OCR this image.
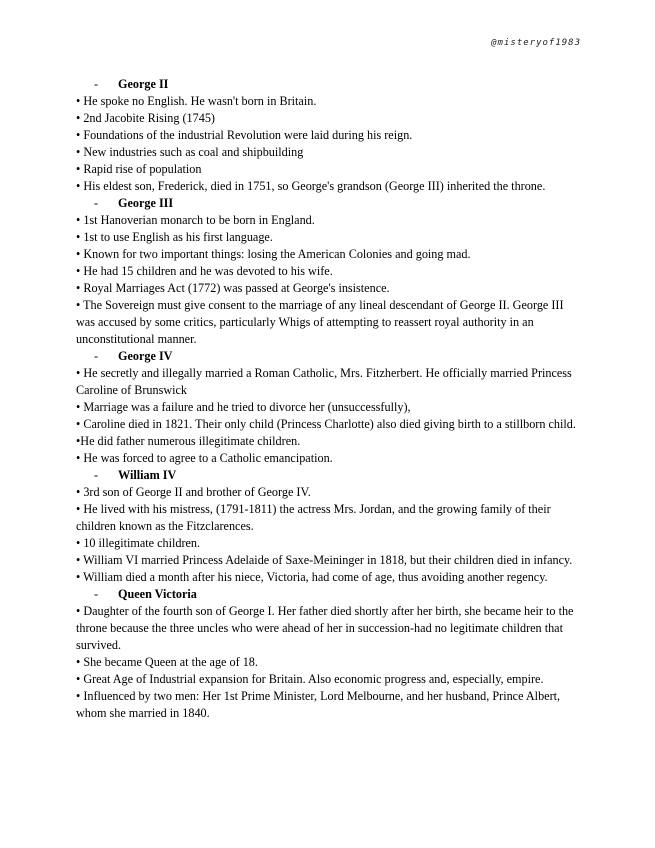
@misteryof1983
- George II

• He spoke no English. He wasn't born in Britain.

• 2nd Jacobite Rising (1745)

• Foundations of the industrial Revolution were laid during his reign.

• New industries such as coal and shipbuilding

• Rapid rise of population

• His eldest son, Frederick, died in 1751, so George's grandson (George III) inherited the throne.

- George III

• 1st Hanoverian monarch to be born in England.

• 1st to use English as his first language.

• Known for two important things: losing the American Colonies and going mad.

• He had 15 children and he was devoted to his wife.

• Royal Marriages Act (1772) was passed at George's insistence.

• The Sovereign must give consent to the marriage of any lineal descendant of George II. George III was accused by some critics, particularly Whigs of attempting to reassert royal authority in an unconstitutional manner.

- George IV

• He secretly and illegally married a Roman Catholic, Mrs. Fitzherbert. He officially married Princess Caroline of Brunswick

• Marriage was a failure and he tried to divorce her (unsuccessfully),

• Caroline died in 1821. Their only child (Princess Charlotte) also died giving birth to a stillborn child.

•He did father numerous illegitimate children.

• He was forced to agree to a Catholic emancipation.

- William IV

• 3rd son of George II and brother of George IV.

• He lived with his mistress, (1791-1811) the actress Mrs. Jordan, and the growing family of their children known as the Fitzclarences.

• 10 illegitimate children.

• William VI married Princess Adelaide of Saxe-Meininger in 1818, but their children died in infancy.

• William died a month after his niece, Victoria, had come of age, thus avoiding another regency.

- Queen Victoria

• Daughter of the fourth son of George I. Her father died shortly after her birth, she became heir to the throne because the three uncles who were ahead of her in succession-had no legitimate children that survived.

• She became Queen at the age of 18.

• Great Age of Industrial expansion for Britain. Also economic progress and, especially, empire.

• Influenced by two men: Her 1st Prime Minister, Lord Melbourne, and her husband, Prince Albert, whom she married in 1840.
